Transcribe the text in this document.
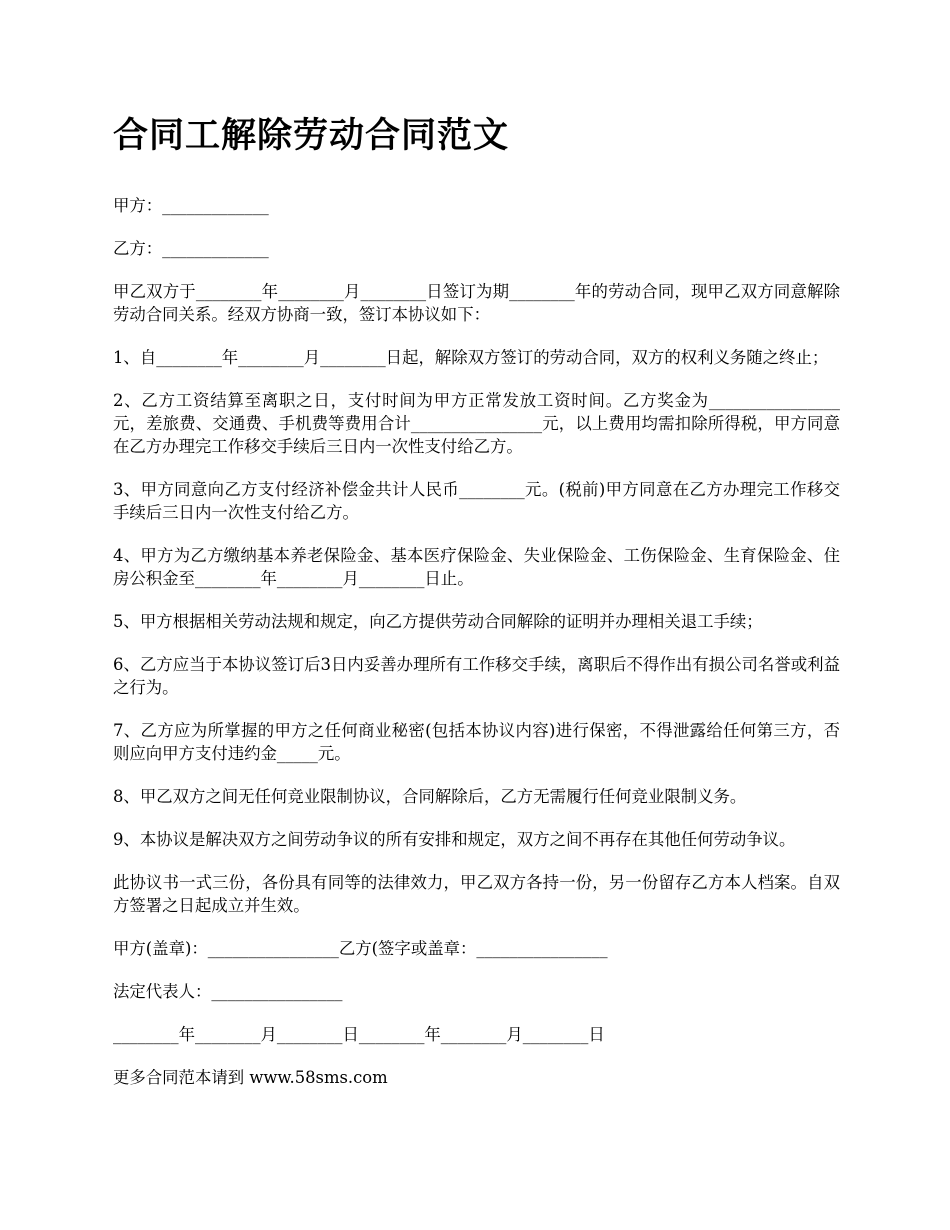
合同工解除劳动合同范文

甲方：_____________

乙方：_____________

甲乙双方于________年________月________日签订为期________年的劳动合同，现甲乙双方同意解除劳动合同关系。经双方协商一致，签订本协议如下：

1、自________年________月________日起，解除双方签订的劳动合同，双方的权利义务随之终止；

2、乙方工资结算至离职之日，支付时间为甲方正常发放工资时间。乙方奖金为________________元，差旅费、交通费、手机费等费用合计________________元，以上费用均需扣除所得税，甲方同意在乙方办理完工作移交手续后三日内一次性支付给乙方。

3、甲方同意向乙方支付经济补偿金共计人民币________元。(税前)甲方同意在乙方办理完工作移交手续后三日内一次性支付给乙方。

4、甲方为乙方缴纳基本养老保险金、基本医疗保险金、失业保险金、工伤保险金、生育保险金、住房公积金至________年________月________日止。

5、甲方根据相关劳动法规和规定，向乙方提供劳动合同解除的证明并办理相关退工手续；

6、乙方应当于本协议签订后3日内妥善办理所有工作移交手续，离职后不得作出有损公司名誉或利益之行为。

7、乙方应为所掌握的甲方之任何商业秘密(包括本协议内容)进行保密，不得泄露给任何第三方，否则应向甲方支付违约金_____元。

8、甲乙双方之间无任何竞业限制协议，合同解除后，乙方无需履行任何竞业限制义务。

9、本协议是解决双方之间劳动争议的所有安排和规定，双方之间不再存在其他任何劳动争议。

此协议书一式三份，各份具有同等的法律效力，甲乙双方各持一份，另一份留存乙方本人档案。自双方签署之日起成立并生效。

甲方(盖章)：________________乙方(签字或盖章：________________

法定代表人：________________

________年________月________日________年________月________日

更多合同范本请到 www.58sms.com
